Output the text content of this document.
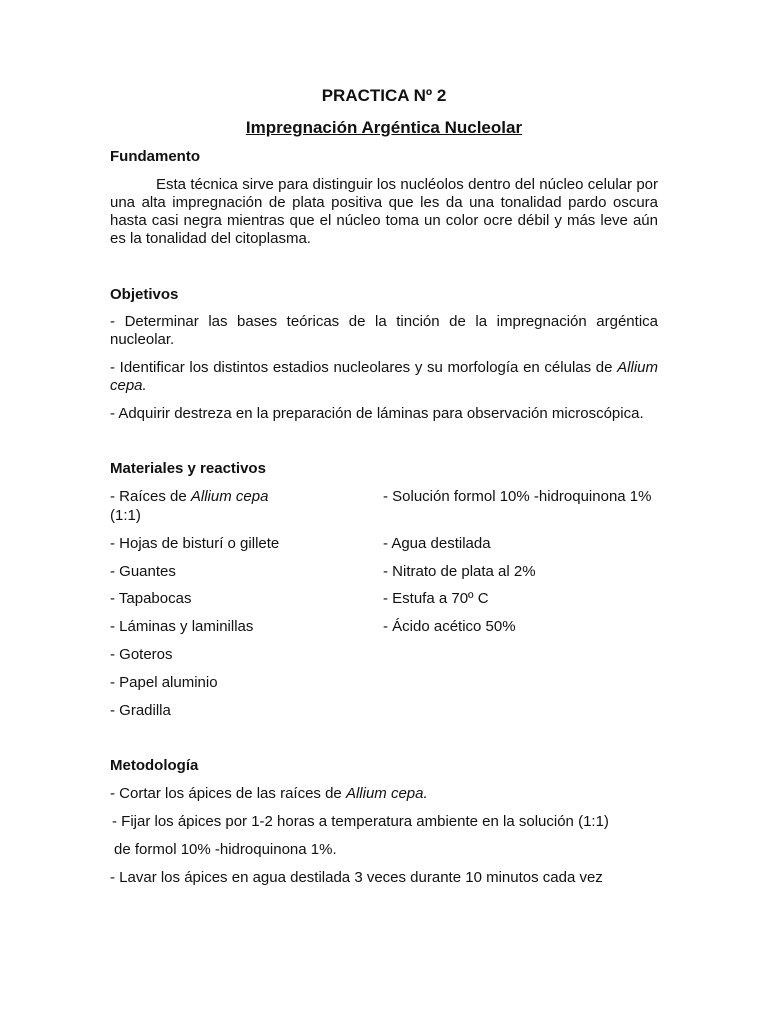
PRACTICA Nº 2
Impregnación Argéntica Nucleolar
Fundamento

Esta técnica sirve para distinguir los nucléolos dentro del núcleo celular por una alta impregnación de plata positiva que les da una tonalidad pardo oscura hasta casi negra mientras que el núcleo toma un color ocre débil y más leve aún es la tonalidad del citoplasma.

Objetivos

- Determinar las bases teóricas de la tinción de la impregnación argéntica nucleolar.

- Identificar los distintos estadios nucleolares y su morfología en células de Allium cepa.

- Adquirir destreza en la preparación de láminas para observación microscópica.

Materiales y reactivos
- Raíces de Allium cepa
(1:1)
- Hojas de bisturí o gillete
- Guantes
- Tapabocas
- Láminas y laminillas
- Goteros
- Papel aluminio
- Gradilla
- Solución formol 10% -hidroquinona 1%
- Agua destilada
- Nitrato de plata al 2%
- Estufa a 70º C
- Ácido acético 50%
Metodología
- Cortar los ápices de las raíces de Allium cepa.
- Fijar los ápices por 1-2 horas a temperatura ambiente en la solución (1:1)
de formol 10% -hidroquinona 1%.
- Lavar los ápices en agua destilada 3 veces durante 10 minutos cada vez
